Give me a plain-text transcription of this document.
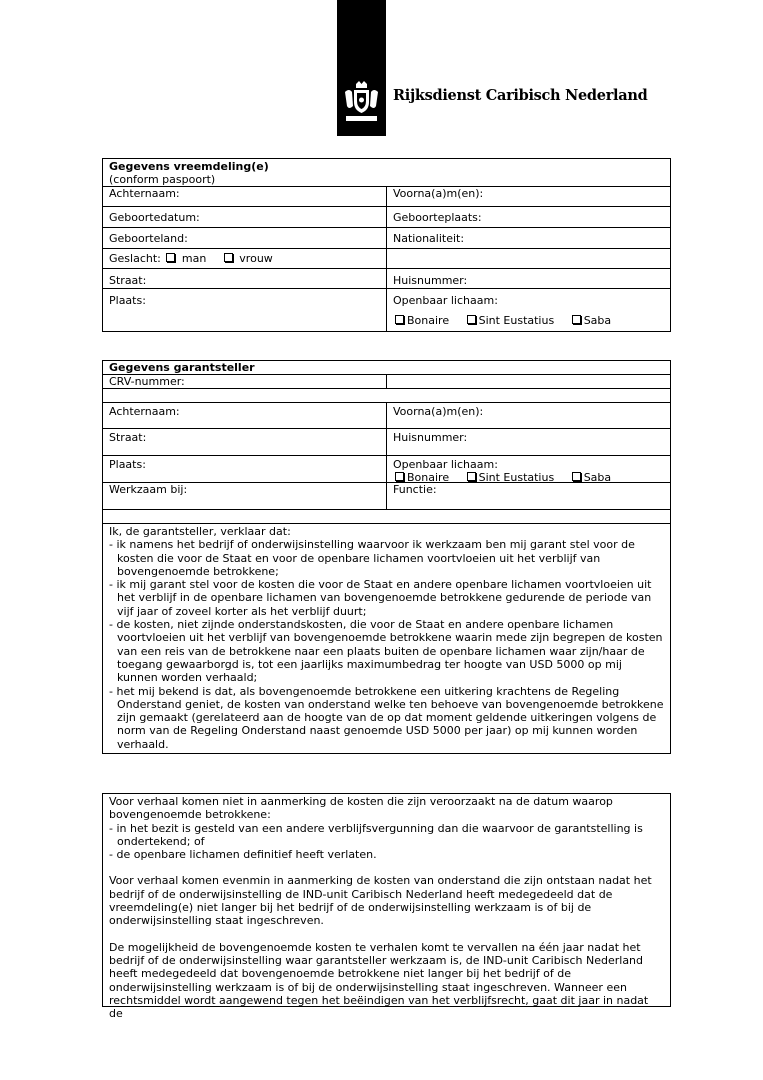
Rijksdienst Caribisch Nederland
Gegevens vreemdeling(e)
(conform paspoort)
Achternaam:	Voorna(a)m(en):
Geboortedatum:	Geboorteplaats:
Geboorteland:	Nationaliteit:
Geslacht: man	vrouw
Straat:	Huisnummer:
Plaats:	Openbaar lichaam:
Bonaire	Sint Eustatius	Saba
Gegevens garantsteller
CRV-nummer:
Achternaam:	Voorna(a)m(en):
Straat:	Huisnummer:
Plaats:	Openbaar lichaam:
Bonaire	Sint Eustatius	Saba
Werkzaam bij:	Functie:
Ik, de garantsteller, verklaar dat:
- ik namens het bedrijf of onderwijsinstelling waarvoor ik werkzaam ben mij garant stel voor de kosten die voor de Staat en voor de openbare lichamen voortvloeien uit het verblijf van bovengenoemde betrokkene;
- ik mij garant stel voor de kosten die voor de Staat en andere openbare lichamen voortvloeien uit het verblijf in de openbare lichamen van bovengenoemde betrokkene gedurende de periode van vijf jaar of zoveel korter als het verblijf duurt;
- de kosten, niet zijnde onderstandskosten, die voor de Staat en andere openbare lichamen voortvloeien uit het verblijf van bovengenoemde betrokkene waarin mede zijn begrepen de kosten van een reis van de betrokkene naar een plaats buiten de openbare lichamen waar zijn/haar de toegang gewaarborgd is, tot een jaarlijks maximumbedrag ter hoogte van USD 5000 op mij kunnen worden verhaald;
- het mij bekend is dat, als bovengenoemde betrokkene een uitkering krachtens de Regeling Onderstand geniet, de kosten van onderstand welke ten behoeve van bovengenoemde betrokkene zijn gemaakt (gerelateerd aan de hoogte van de op dat moment geldende uitkeringen volgens de norm van de Regeling Onderstand naast genoemde USD 5000 per jaar) op mij kunnen worden verhaald.
Voor verhaal komen niet in aanmerking de kosten die zijn veroorzaakt na de datum waarop bovengenoemde betrokkene:
- in het bezit is gesteld van een andere verblijfsvergunning dan die waarvoor de garantstelling is ondertekend; of
- de openbare lichamen definitief heeft verlaten.
Voor verhaal komen evenmin in aanmerking de kosten van onderstand die zijn ontstaan nadat het bedrijf of de onderwijsinstelling de IND-unit Caribisch Nederland heeft medegedeeld dat de vreemdeling(e) niet langer bij het bedrijf of de onderwijsinstelling werkzaam is of bij de onderwijsinstelling staat ingeschreven.
De mogelijkheid de bovengenoemde kosten te verhalen komt te vervallen na één jaar nadat het bedrijf of de onderwijsinstelling waar garantsteller werkzaam is, de IND-unit Caribisch Nederland heeft medegedeeld dat bovengenoemde betrokkene niet langer bij het bedrijf of de onderwijsinstelling werkzaam is of bij de onderwijsinstelling staat ingeschreven. Wanneer een rechtsmiddel wordt aangewend tegen het beëindigen van het verblijfsrecht, gaat dit jaar in nadat de
